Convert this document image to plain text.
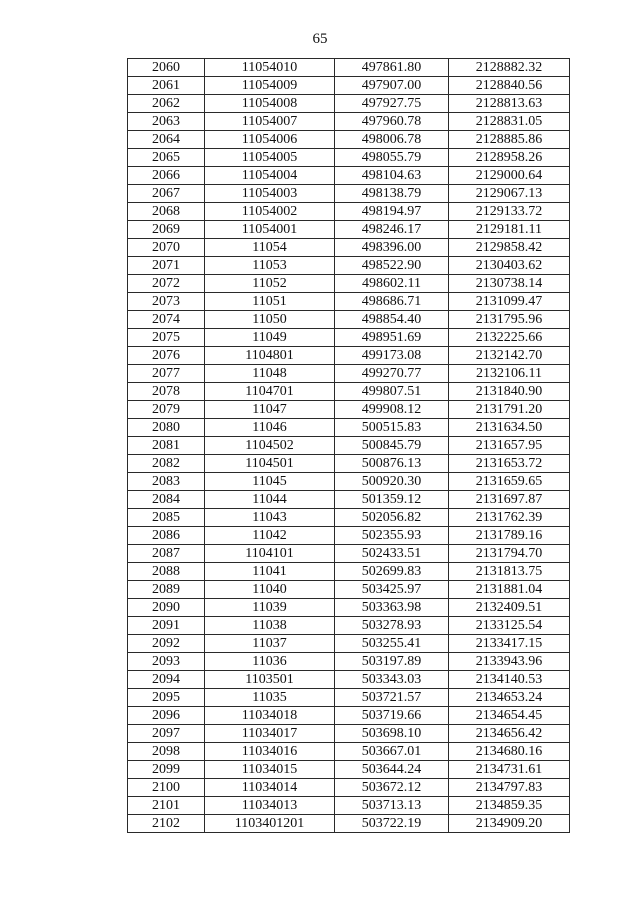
65
2060	11054010	497861.80	2128882.32
2061	11054009	497907.00	2128840.56
2062	11054008	497927.75	2128813.63
2063	11054007	497960.78	2128831.05
2064	11054006	498006.78	2128885.86
2065	11054005	498055.79	2128958.26
2066	11054004	498104.63	2129000.64
2067	11054003	498138.79	2129067.13
2068	11054002	498194.97	2129133.72
2069	11054001	498246.17	2129181.11
2070	11054	498396.00	2129858.42
2071	11053	498522.90	2130403.62
2072	11052	498602.11	2130738.14
2073	11051	498686.71	2131099.47
2074	11050	498854.40	2131795.96
2075	11049	498951.69	2132225.66
2076	1104801	499173.08	2132142.70
2077	11048	499270.77	2132106.11
2078	1104701	499807.51	2131840.90
2079	11047	499908.12	2131791.20
2080	11046	500515.83	2131634.50
2081	1104502	500845.79	2131657.95
2082	1104501	500876.13	2131653.72
2083	11045	500920.30	2131659.65
2084	11044	501359.12	2131697.87
2085	11043	502056.82	2131762.39
2086	11042	502355.93	2131789.16
2087	1104101	502433.51	2131794.70
2088	11041	502699.83	2131813.75
2089	11040	503425.97	2131881.04
2090	11039	503363.98	2132409.51
2091	11038	503278.93	2133125.54
2092	11037	503255.41	2133417.15
2093	11036	503197.89	2133943.96
2094	1103501	503343.03	2134140.53
2095	11035	503721.57	2134653.24
2096	11034018	503719.66	2134654.45
2097	11034017	503698.10	2134656.42
2098	11034016	503667.01	2134680.16
2099	11034015	503644.24	2134731.61
2100	11034014	503672.12	2134797.83
2101	11034013	503713.13	2134859.35
2102	1103401201	503722.19	2134909.20
